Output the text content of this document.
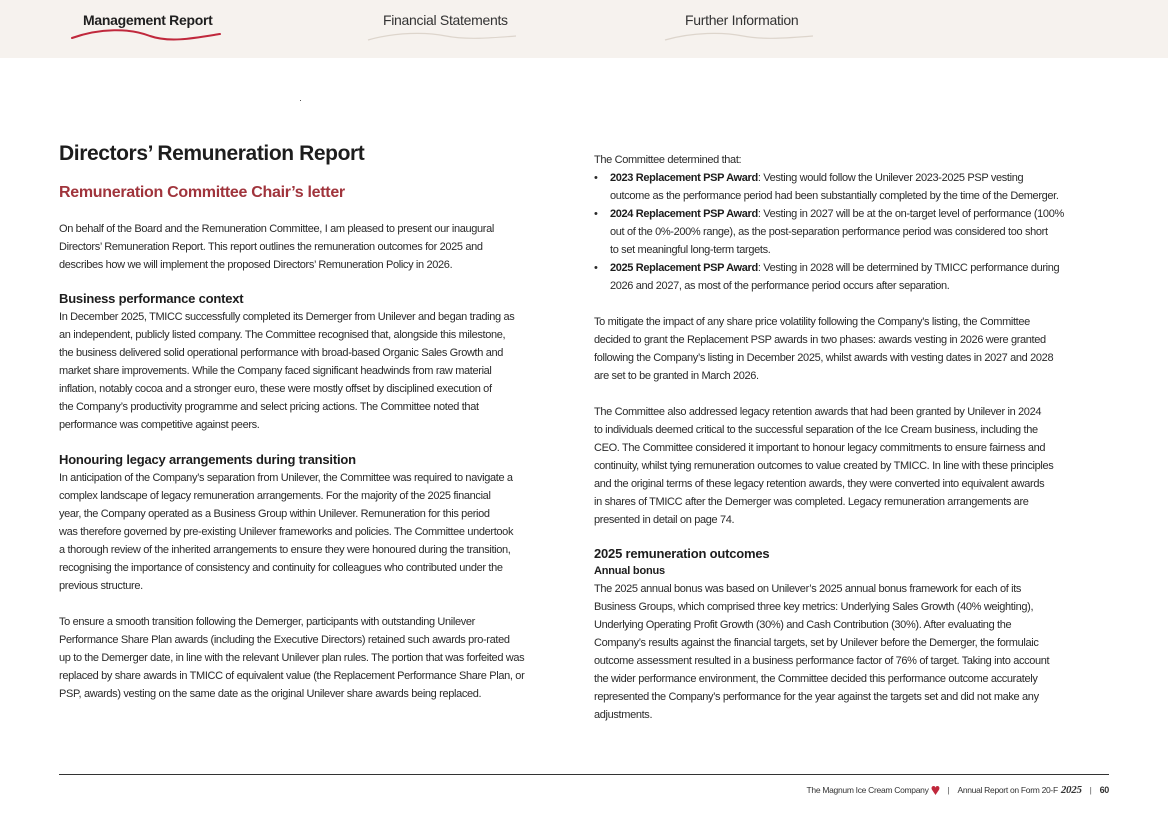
Management Report	Financial Statements	Further Information
Directors’ Remuneration Report
Remuneration Committee Chair’s letter

On behalf of the Board and the Remuneration Committee, I am pleased to present our inaugural
Directors’ Remuneration Report. This report outlines the remuneration outcomes for 2025 and
describes how we will implement the proposed Directors’ Remuneration Policy in 2026.

Business performance context

In December 2025, TMICC successfully completed its Demerger from Unilever and began trading as
an independent, publicly listed company. The Committee recognised that, alongside this milestone,
the business delivered solid operational performance with broad-based Organic Sales Growth and
market share improvements. While the Company faced significant headwinds from raw material
inflation, notably cocoa and a stronger euro, these were mostly offset by disciplined execution of
the Company’s productivity programme and select pricing actions. The Committee noted that
performance was competitive against peers.

Honouring legacy arrangements during transition

In anticipation of the Company’s separation from Unilever, the Committee was required to navigate a
complex landscape of legacy remuneration arrangements. For the majority of the 2025 financial
year, the Company operated as a Business Group within Unilever. Remuneration for this period
was therefore governed by pre-existing Unilever frameworks and policies. The Committee undertook
a thorough review of the inherited arrangements to ensure they were honoured during the transition,
recognising the importance of consistency and continuity for colleagues who contributed under the
previous structure.

To ensure a smooth transition following the Demerger, participants with outstanding Unilever
Performance Share Plan awards (including the Executive Directors) retained such awards pro-rated
up to the Demerger date, in line with the relevant Unilever plan rules. The portion that was forfeited was
replaced by share awards in TMICC of equivalent value (the Replacement Performance Share Plan, or
PSP, awards) vesting on the same date as the original Unilever share awards being replaced.

The Committee determined that:

• 2023 Replacement PSP Award: Vesting would follow the Unilever 2023-2025 PSP vesting
outcome as the performance period had been substantially completed by the time of the Demerger.
• 2024 Replacement PSP Award: Vesting in 2027 will be at the on-target level of performance (100%
out of the 0%-200% range), as the post-separation performance period was considered too short
to set meaningful long-term targets.
• 2025 Replacement PSP Award: Vesting in 2028 will be determined by TMICC performance during
2026 and 2027, as most of the performance period occurs after separation.

To mitigate the impact of any share price volatility following the Company’s listing, the Committee
decided to grant the Replacement PSP awards in two phases: awards vesting in 2026 were granted
following the Company’s listing in December 2025, whilst awards with vesting dates in 2027 and 2028
are set to be granted in March 2026.

The Committee also addressed legacy retention awards that had been granted by Unilever in 2024
to individuals deemed critical to the successful separation of the Ice Cream business, including the
CEO. The Committee considered it important to honour legacy commitments to ensure fairness and
continuity, whilst tying remuneration outcomes to value created by TMICC. In line with these principles
and the original terms of these legacy retention awards, they were converted into equivalent awards
in shares of TMICC after the Demerger was completed. Legacy remuneration arrangements are
presented in detail on page 74.

2025 remuneration outcomes
Annual bonus

The 2025 annual bonus was based on Unilever’s 2025 annual bonus framework for each of its
Business Groups, which comprised three key metrics: Underlying Sales Growth (40% weighting),
Underlying Operating Profit Growth (30%) and Cash Contribution (30%). After evaluating the
Company’s results against the financial targets, set by Unilever before the Demerger, the formulaic
outcome assessment resulted in a business performance factor of 76% of target. Taking into account
the wider performance environment, the Committee decided this performance outcome accurately
represented the Company’s performance for the year against the targets set and did not make any
adjustments.

The Magnum Ice Cream Company | Annual Report on Form 20-F 2025 | 60
